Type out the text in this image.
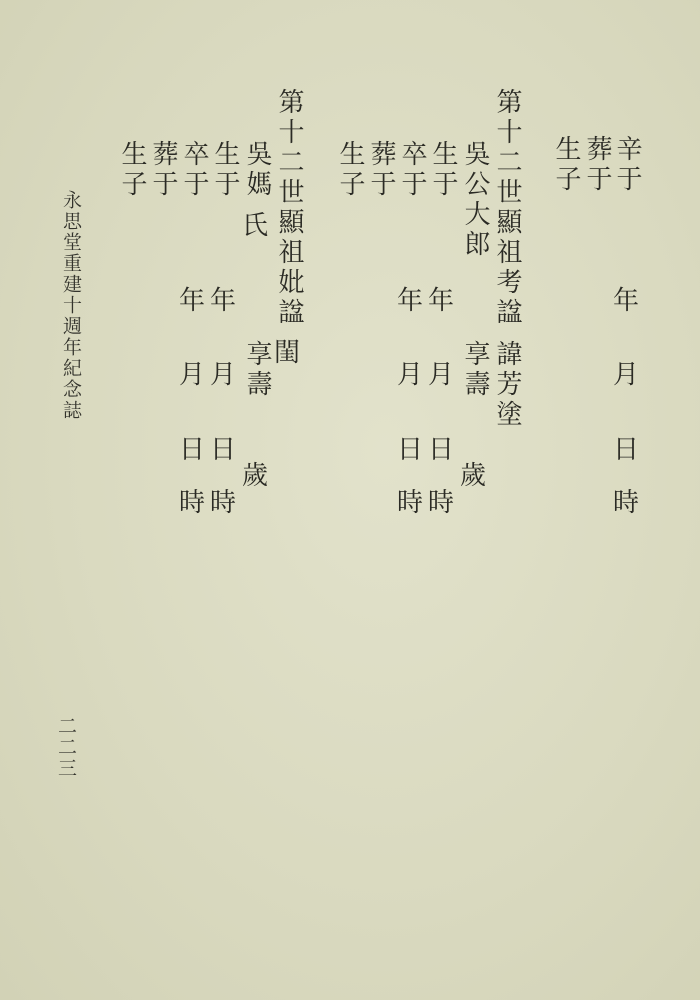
辛于
年
月
日
時
葬于
生子
第十二世顯祖考諡
諱芳塗
吳公大郎
享壽
歲
生于
年
月
日
時
卒于
年
月
日
時
葬于
生子
第十二世顯祖妣諡
閨
吳媽
氏
享壽
歲
生于
年
月
日
時
卒于
年
月
日
時
葬于
生子
永思堂重建十週年紀念誌
二二三
